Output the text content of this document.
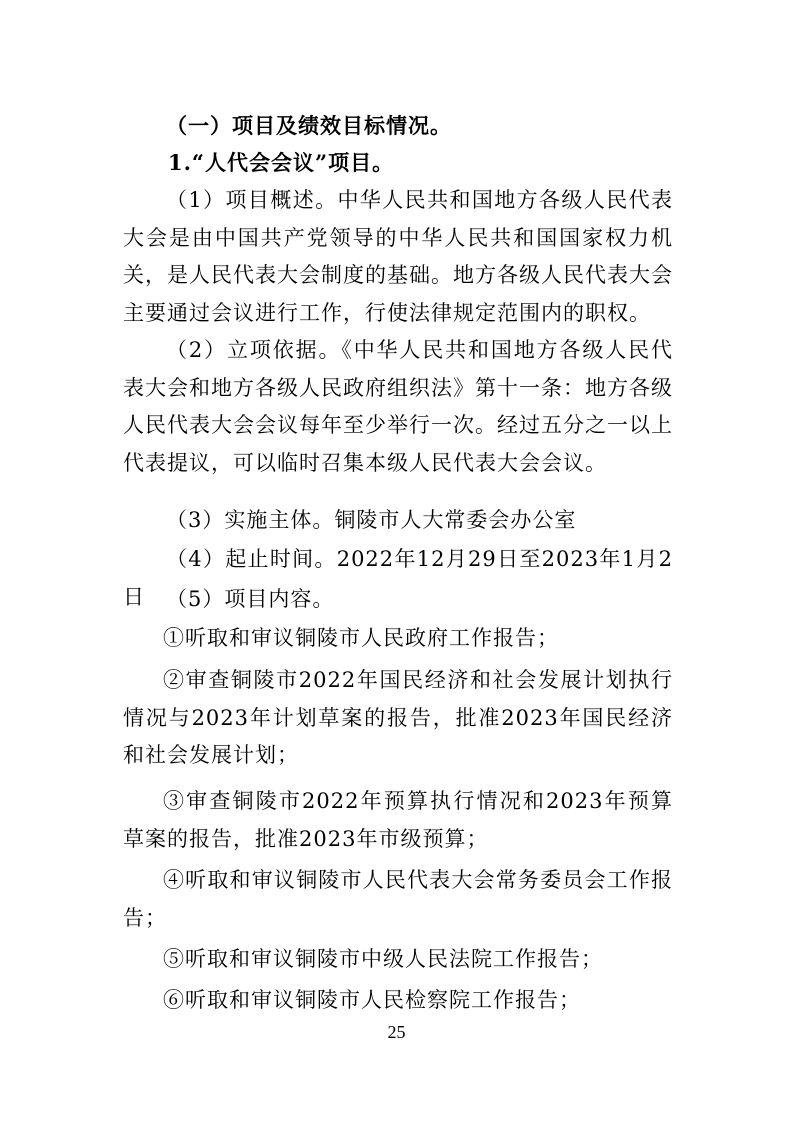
（一）项目及绩效目标情况。

1.“人代会会议”项目。

（1）项目概述。中华人民共和国地方各级人民代表大会是由中国共产党领导的中华人民共和国国家权力机关，是人民代表大会制度的基础。地方各级人民代表大会主要通过会议进行工作，行使法律规定范围内的职权。

（2）立项依据。《中华人民共和国地方各级人民代表大会和地方各级人民政府组织法》第十一条：地方各级人民代表大会会议每年至少举行一次。经过五分之一以上代表提议，可以临时召集本级人民代表大会会议。

（3）实施主体。铜陵市人大常委会办公室

（4）起止时间。2022年12月29日至2023年1月2日	（5）项目内容。

①听取和审议铜陵市人民政府工作报告；

②审查铜陵市2022年国民经济和社会发展计划执行情况与2023年计划草案的报告，批准2023年国民经济和社会发展计划；

③审查铜陵市2022年预算执行情况和2023年预算草案的报告，批准2023年市级预算；

④听取和审议铜陵市人民代表大会常务委员会工作报告；

⑤听取和审议铜陵市中级人民法院工作报告；

⑥听取和审议铜陵市人民检察院工作报告；

25
